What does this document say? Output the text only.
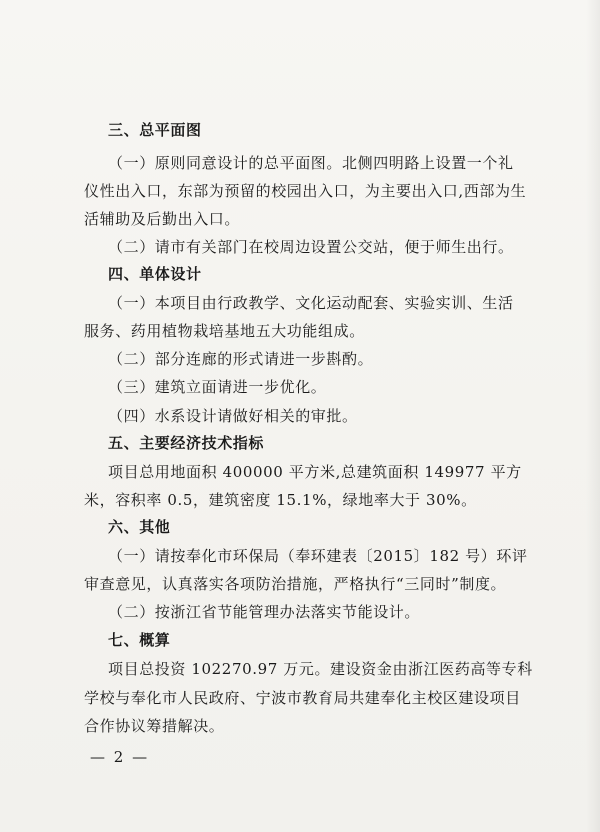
三、总平面图
（一）原则同意设计的总平面图。北侧四明路上设置一个礼
仪性出入口，东部为预留的校园出入口，为主要出入口,西部为生
活辅助及后勤出入口。
（二）请市有关部门在校周边设置公交站，便于师生出行。
四、单体设计
（一）本项目由行政教学、文化运动配套、实验实训、生活
服务、药用植物栽培基地五大功能组成。
（二）部分连廊的形式请进一步斟酌。
（三）建筑立面请进一步优化。
（四）水系设计请做好相关的审批。
五、主要经济技术指标
项目总用地面积 400000 平方米,总建筑面积 149977 平方
米，容积率 0.5，建筑密度 15.1%，绿地率大于 30%。
六、其他
（一）请按奉化市环保局（奉环建表〔2015〕182 号）环评
审查意见，认真落实各项防治措施，严格执行“三同时”制度。
（二）按浙江省节能管理办法落实节能设计。
七、概算
项目总投资 102270.97 万元。建设资金由浙江医药高等专科
学校与奉化市人民政府、宁波市教育局共建奉化主校区建设项目
合作协议筹措解决。
— 2 —
